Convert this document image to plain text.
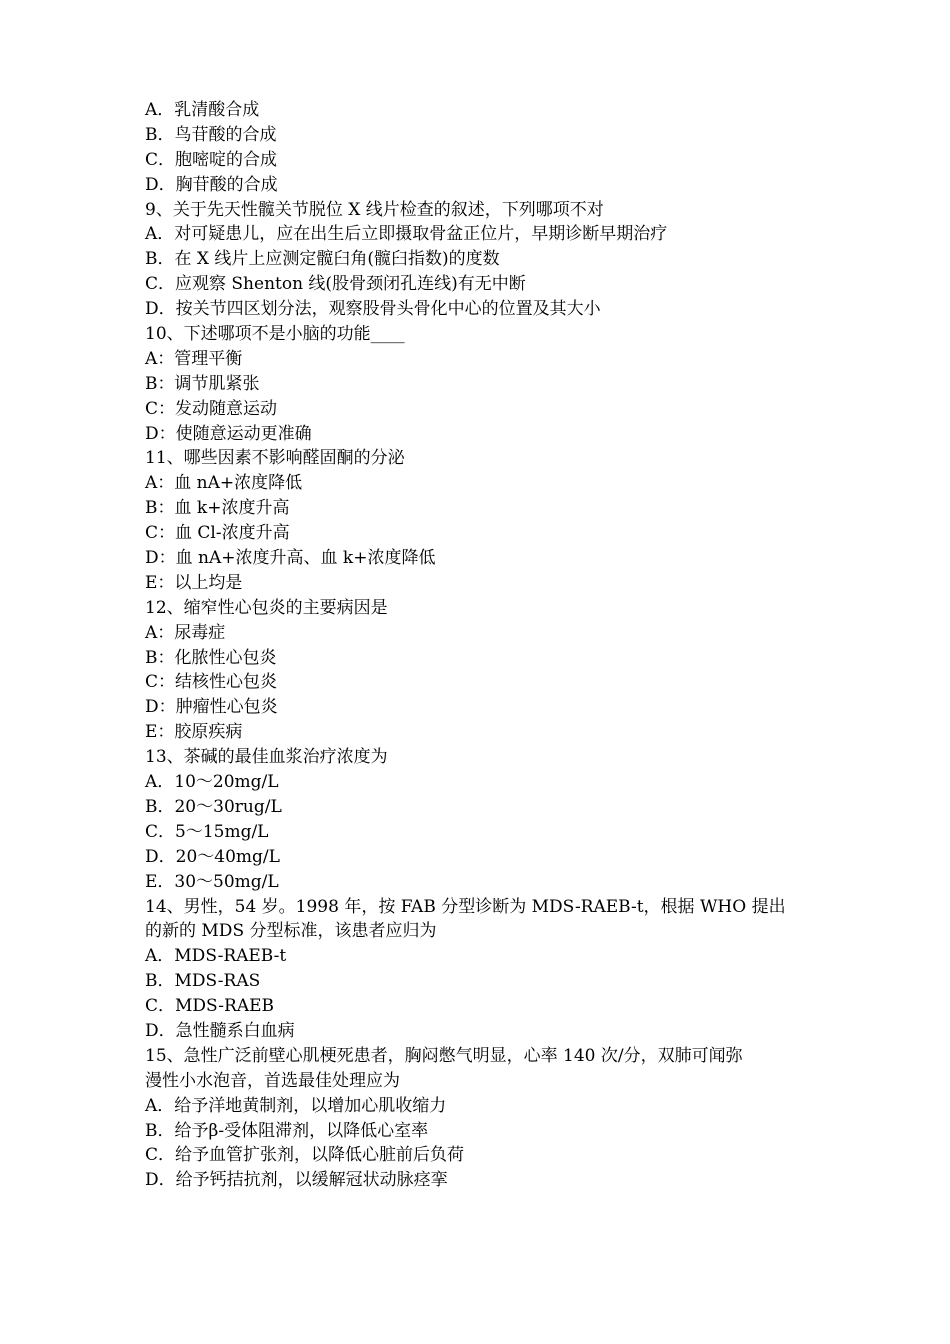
A．乳清酸合成
B．鸟苷酸的合成
C．胞嘧啶的合成
D．胸苷酸的合成
9、关于先天性髋关节脱位 X 线片检查的叙述，下列哪项不对
A．对可疑患儿，应在出生后立即摄取骨盆正位片，早期诊断早期治疗
B．在 X 线片上应测定髋臼角(髋臼指数)的度数
C．应观察 Shenton 线(股骨颈闭孔连线)有无中断
D．按关节四区划分法，观察股骨头骨化中心的位置及其大小
10、下述哪项不是小脑的功能____
A：管理平衡
B：调节肌紧张
C：发动随意运动
D：使随意运动更准确
11、哪些因素不影响醛固酮的分泌
A：血 nA+浓度降低
B：血 k+浓度升高
C：血 Cl-浓度升高
D：血 nA+浓度升高、血 k+浓度降低
E：以上均是
12、缩窄性心包炎的主要病因是
A：尿毒症
B：化脓性心包炎
C：结核性心包炎
D：肿瘤性心包炎
E：胶原疾病
13、茶碱的最佳血浆治疗浓度为
A．10～20mg/L
B．20～30rug/L
C．5～15mg/L
D．20～40mg/L
E．30～50mg/L
14、男性，54 岁。1998 年，按 FAB 分型诊断为 MDS-RAEB-t，根据 WHO 提出
的新的 MDS 分型标准，该患者应归为
A．MDS-RAEB-t
B．MDS-RAS
C．MDS-RAEB
D．急性髓系白血病
15、急性广泛前壁心肌梗死患者，胸闷憋气明显，心率 140 次/分，双肺可闻弥
漫性小水泡音，首选最佳处理应为
A．给予洋地黄制剂，以增加心肌收缩力
B．给予β-受体阻滞剂，以降低心室率
C．给予血管扩张剂，以降低心脏前后负荷
D．给予钙拮抗剂，以缓解冠状动脉痉挛
